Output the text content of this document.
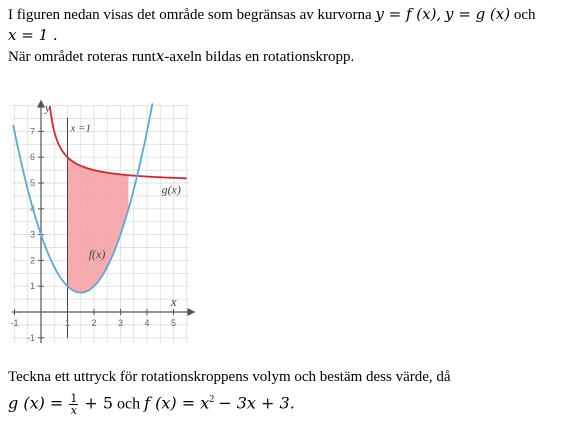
I figuren nedan visas det område som begränsas av kurvorna y = f (x), y = g (x) och
x = 1 .
När området roteras runtx-axeln bildas en rotationskropp.
-1	1 2 3 4 5
-1
1
2
3
4
5
6
7
y
x
x =1
g(x)
f(x)
Teckna ett uttryck för rotationskroppens volym och bestäm dess värde, då
g $(x) = \frac{1}{x} + 5$ och f $(x) = x^2 - 3x + 3$.
